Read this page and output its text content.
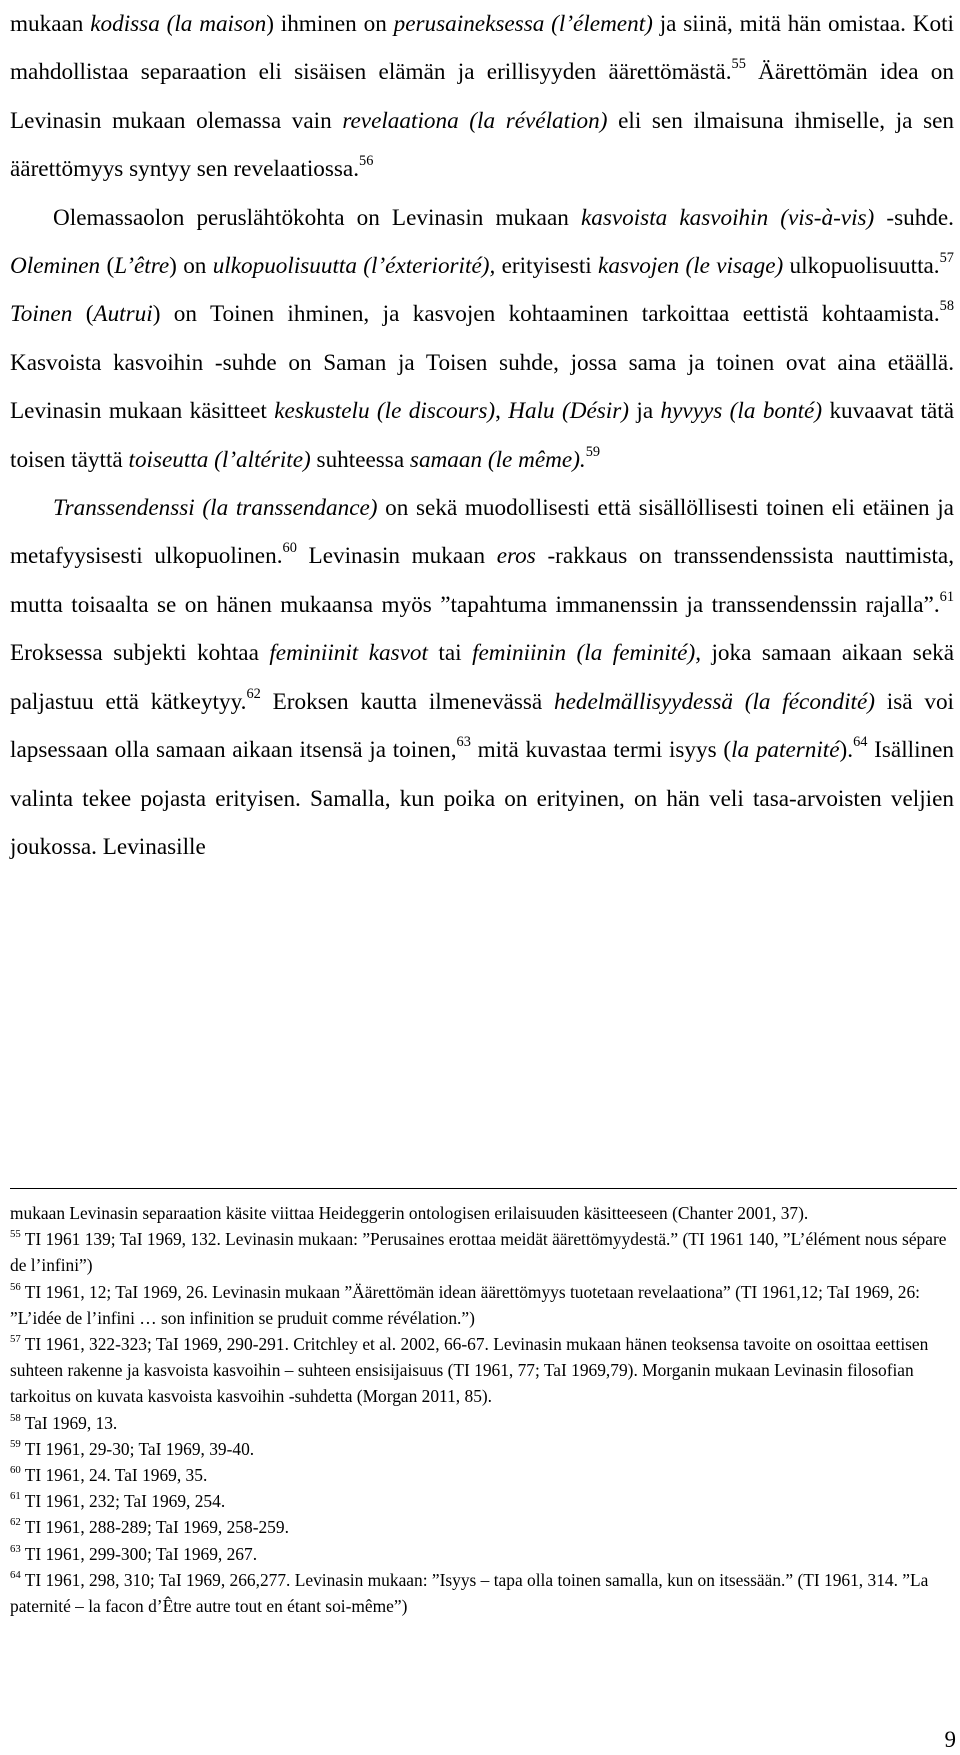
mukaan kodissa (la maison) ihminen on perusaineksessa (l’élement) ja siinä, mitä hän omistaa. Koti mahdollistaa separaation eli sisäisen elämän ja erillisyyden äärettömästä.$^{55}$ Äärettömän idea on Levinasin mukaan olemassa vain revelaationa (la révélation) eli sen ilmaisuna ihmiselle, ja sen äärettömyys syntyy sen revelaatiossa.$^{56}$

Olemassaolon peruslähtökohta on Levinasin mukaan kasvoista kasvoihin (vis-à-vis) -suhde. Oleminen (L’être) on ulkopuolisuutta (l’éxteriorité), erityisesti kasvojen (le visage) ulkopuolisuutta.$^{57}$ Toinen (Autrui) on Toinen ihminen, ja kasvojen kohtaaminen tarkoittaa eettistä kohtaamista.$^{58}$ Kasvoista kasvoihin -suhde on Saman ja Toisen suhde, jossa sama ja toinen ovat aina etäällä. Levinasin mukaan käsitteet keskustelu (le discours), Halu (Désir) ja hyvyys (la bonté) kuvaavat tätä toisen täyttä toiseutta (l’altérite) suhteessa samaan (le même).$^{59}$

Transsendenssi (la transsendance) on sekä muodollisesti että sisällöllisesti toinen eli etäinen ja metafyysisesti ulkopuolinen.$^{60}$ Levinasin mukaan eros -rakkaus on transsendenssista nauttimista, mutta toisaalta se on hänen mukaansa myös ”tapahtuma immanenssin ja transsendenssin rajalla”.$^{61}$ Eroksessa subjekti kohtaa feminiinit kasvot tai feminiinin (la feminité), joka samaan aikaan sekä paljastuu että kätkeytyy.$^{62}$ Eroksen kautta ilmenevässä hedelmällisyydessä (la fécondité) isä voi lapsessaan olla samaan aikaan itsensä ja toinen,$^{63}$ mitä kuvastaa termi isyys (la paternité).$^{64}$ Isällinen valinta tekee pojasta erityisen. Samalla, kun poika on erityinen, on hän veli tasa-arvoisten veljien joukossa. Levinasille

mukaan Levinasin separaation käsite viittaa Heideggerin ontologisen erilaisuuden käsitteeseen (Chanter 2001, 37).

$^{55}$ TI 1961 139; TaI 1969, 132. Levinasin mukaan: ”Perusaines erottaa meidät äärettömyydestä.” (TI 1961 140, ”L’élément nous sépare de l’infini”)

$^{56}$ TI 1961, 12; TaI 1969, 26. Levinasin mukaan ”Äärettömän idean äärettömyys tuotetaan revelaationa” (TI 1961,12; TaI 1969, 26: ”L’idée de l’infini … son infinition se pruduit comme révélation.”)

$^{57}$ TI 1961, 322-323; TaI 1969, 290-291. Critchley et al. 2002, 66-67. Levinasin mukaan hänen teoksensa tavoite on osoittaa eettisen suhteen rakenne ja kasvoista kasvoihin – suhteen ensisijaisuus (TI 1961, 77; TaI 1969,79). Morganin mukaan Levinasin filosofian tarkoitus on kuvata kasvoista kasvoihin -suhdetta (Morgan 2011, 85).

$^{58}$ TaI 1969, 13.

$^{59}$ TI 1961, 29-30; TaI 1969, 39-40.

$^{60}$ TI 1961, 24. TaI 1969, 35.

$^{61}$ TI 1961, 232; TaI 1969, 254.

$^{62}$ TI 1961, 288-289; TaI 1969, 258-259.

$^{63}$ TI 1961, 299-300; TaI 1969, 267.

$^{64}$ TI 1961, 298, 310; TaI 1969, 266,277. Levinasin mukaan: ”Isyys – tapa olla toinen samalla, kun on itsessään.” (TI 1961, 314. ”La paternité – la facon d’Être autre tout en étant soi-même”)

9
